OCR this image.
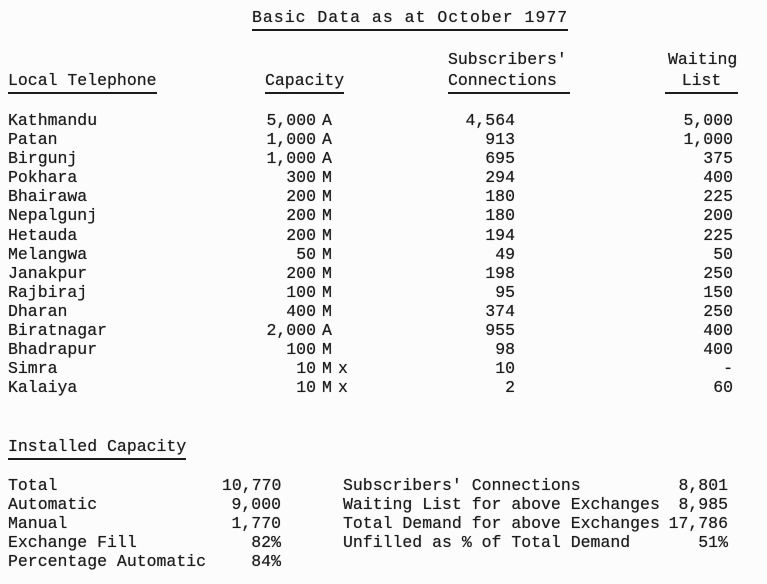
Basic Data as at October 1977
Subscribers'	Waiting
Local Telephone	Capacity	Connections	List
Kathmandu	5,000 A	4,564	5,000
Patan	1,000 A	913	1,000
Birgunj	1,000 A	695	375
Pokhara	300 M	294	400
Bhairawa	200 M	180	225
Nepalgunj	200 M	180	200
Hetauda	200 M	194	225
Melangwa	50 M	49	50
Janakpur	200 M	198	250
Rajbiraj	100 M	95	150
Dharan	400 M	374	250
Biratnagar	2,000 A	955	400
Bhadrapur	100 M	98	400
Simra	10 M x	10	-
Kalaiya	10 M x	2	60
Installed Capacity
Total	10,770
Automatic	9,000
Manual	1,770
Exchange Fill	82%
Percentage Automatic	84%
Subscribers' Connections	8,801
Waiting List for above Exchanges	8,985
Total Demand for above Exchanges 17,786
Unfilled as % of Total Demand	51%
